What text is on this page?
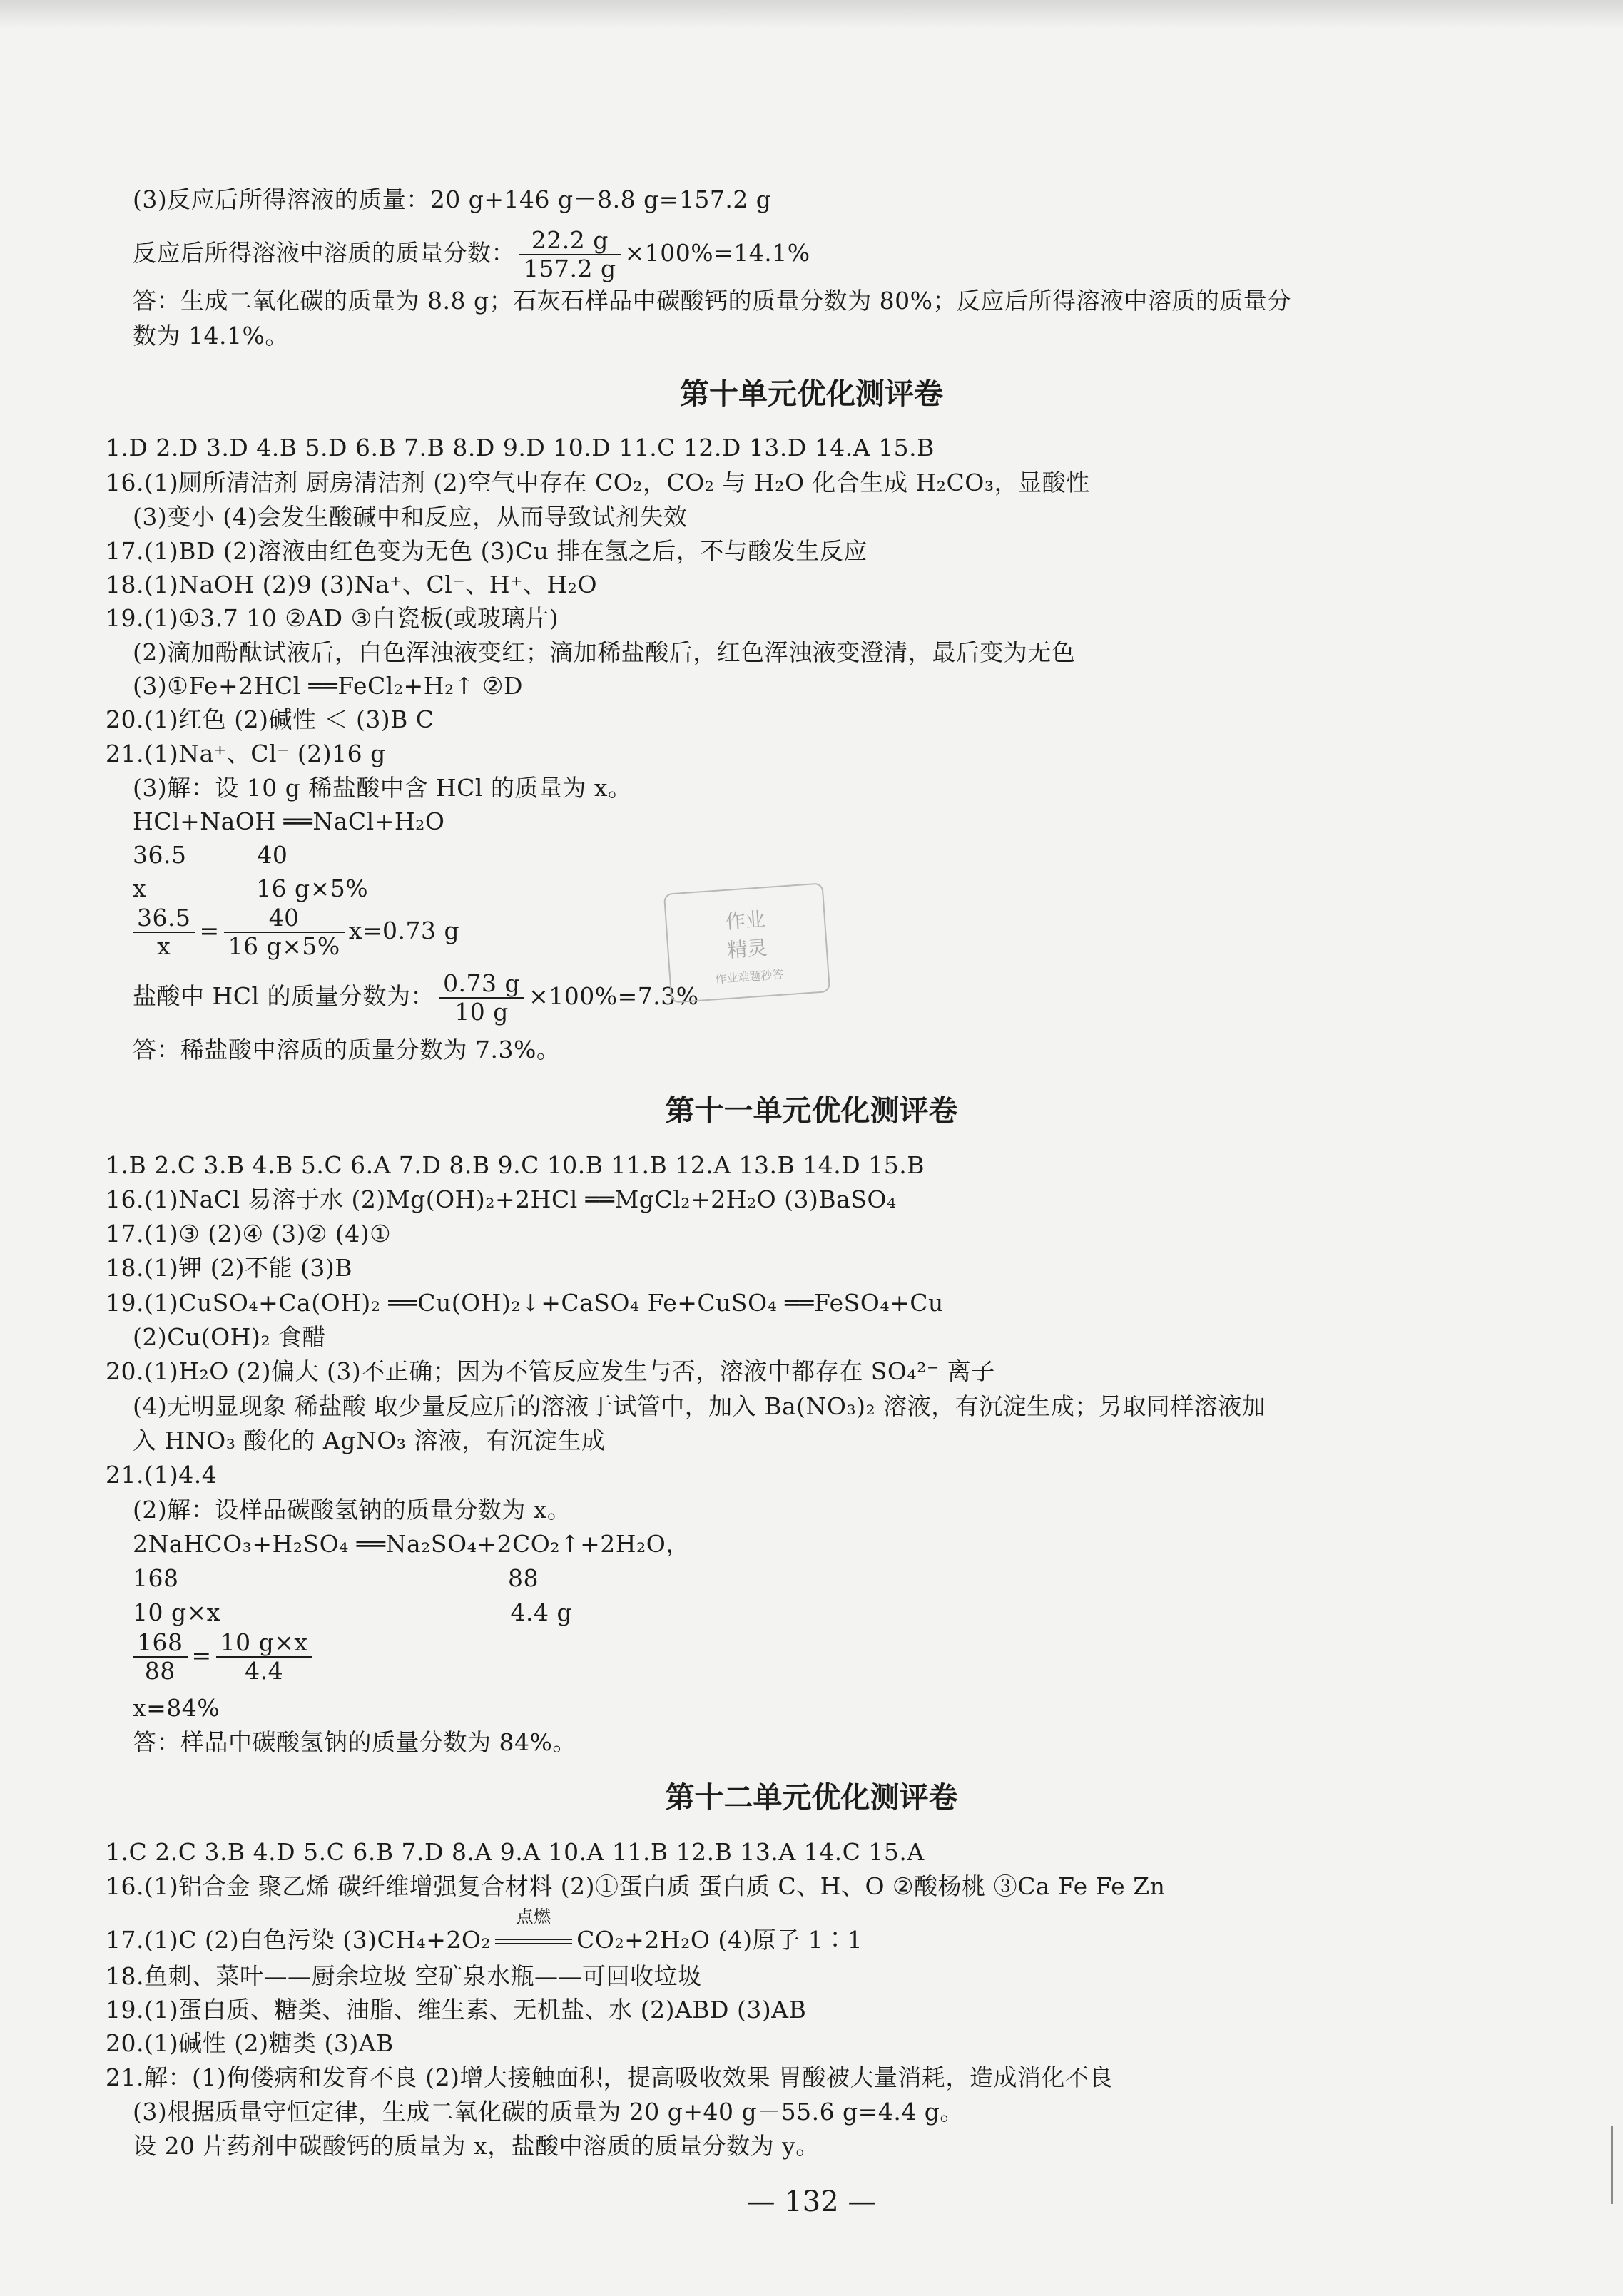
(3)反应后所得溶液的质量：20 g+146 g－8.8 g=157.2 g
反应后所得溶液中溶质的质量分数： $\frac{22.2 g}{157.2 g} \times 100\%=14.1\%$
答：生成二氧化碳的质量为 8.8 g；石灰石样品中碳酸钙的质量分数为 80%；反应后所得溶液中溶质的质量分
数为 14.1%。
第十单元优化测评卷
1.D 2.D 3.D 4.B 5.D 6.B 7.B 8.D 9.D 10.D 11.C 12.D 13.D 14.A 15.B
16.(1)厕所清洁剂 厨房清洁剂 (2)空气中存在 CO₂，CO₂ 与 H₂O 化合生成 H₂CO₃，显酸性
(3)变小 (4)会发生酸碱中和反应，从而导致试剂失效
17.(1)BD (2)溶液由红色变为无色 (3)Cu 排在氢之后，不与酸发生反应
18.(1)NaOH (2)9 (3)Na⁺、Cl⁻、H⁺、H₂O
19.(1)①3.7 10 ②AD ③白瓷板(或玻璃片)
(2)滴加酚酞试液后，白色浑浊液变红；滴加稀盐酸后，红色浑浊液变澄清，最后变为无色
(3)①Fe+2HCl ══FeCl₂+H₂↑ ②D
20.(1)红色 (2)碱性 ＜ (3)B C
21.(1)Na⁺、Cl⁻ (2)16 g
(3)解：设 10 g 稀盐酸中含 HCl 的质量为 x。
HCl+NaOH ══NaCl+H₂O
36.5         40
x              16 g×5%
$\frac{36.5}{x} = \frac{40}{16 g\times 5\%} x=0.73$ g
盐酸中 HCl 的质量分数为： $\frac{0.73 g}{10 g} \times 100\%=7.3\%$
答：稀盐酸中溶质的质量分数为 7.3%。
作业
精灵
作业难题秒答
第十一单元优化测评卷
1.B 2.C 3.B 4.B 5.C 6.A 7.D 8.B 9.C 10.B 11.B 12.A 13.B 14.D 15.B
16.(1)NaCl 易溶于水 (2)Mg(OH)₂+2HCl ══MgCl₂+2H₂O (3)BaSO₄
17.(1)③ (2)④ (3)② (4)①
18.(1)钾 (2)不能 (3)B
19.(1)CuSO₄+Ca(OH)₂ ══Cu(OH)₂↓+CaSO₄ Fe+CuSO₄ ══FeSO₄+Cu
(2)Cu(OH)₂ 食醋
20.(1)H₂O (2)偏大 (3)不正确；因为不管反应发生与否，溶液中都存在 SO₄²⁻ 离子
(4)无明显现象 稀盐酸 取少量反应后的溶液于试管中，加入 Ba(NO₃)₂ 溶液，有沉淀生成；另取同样溶液加
入 HNO₃ 酸化的 AgNO₃ 溶液，有沉淀生成
21.(1)4.4
(2)解：设样品碳酸氢钠的质量分数为 x。
2NaHCO₃+H₂SO₄ ══Na₂SO₄+2CO₂↑+2H₂O，
168                                          88
10 g×x                                     4.4 g
$\frac{168}{88} = \frac{10 g\times x}{4.4}$
x=84%
答：样品中碳酸氢钠的质量分数为 84%。
第十二单元优化测评卷
1.C 2.C 3.B 4.D 5.C 6.B 7.D 8.A 9.A 10.A 11.B 12.B 13.A 14.C 15.A
16.(1)铝合金 聚乙烯 碳纤维增强复合材料 (2)①蛋白质 蛋白质 C、H、O ②酸杨桃 ③Ca Fe Fe Zn
17.(1)C (2)白色污染 (3)CH₄+2O₂
点燃
CO₂+2H₂O (4)原子 1∶1
18.鱼刺、菜叶——厨余垃圾 空矿泉水瓶——可回收垃圾
19.(1)蛋白质、糖类、油脂、维生素、无机盐、水 (2)ABD (3)AB
20.(1)碱性 (2)糖类 (3)AB
21.解：(1)佝偻病和发育不良 (2)增大接触面积，提高吸收效果 胃酸被大量消耗，造成消化不良
(3)根据质量守恒定律，生成二氧化碳的质量为 20 g+40 g－55.6 g=4.4 g。
设 20 片药剂中碳酸钙的质量为 x，盐酸中溶质的质量分数为 y。
— 132 —
